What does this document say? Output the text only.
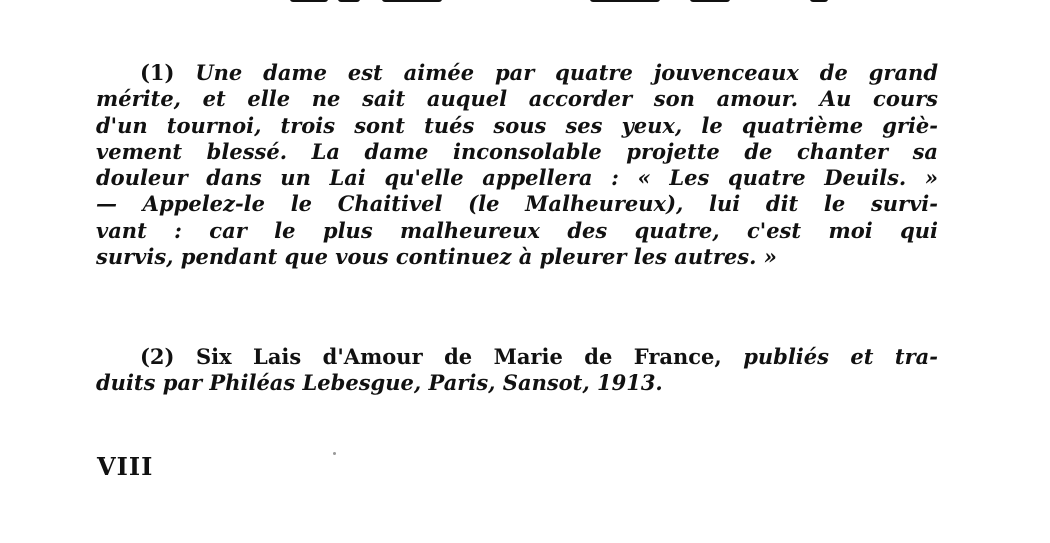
(1) Une dame est aimée par quatre jouvenceaux de grand
mérite, et elle ne sait auquel accorder son amour. Au cours
d'un tournoi, trois sont tués sous ses yeux, le quatrième griè-
vement blessé. La dame inconsolable projette de chanter sa
douleur dans un Lai qu'elle appellera : « Les quatre Deuils. »
— Appelez-le le Chaitivel (le Malheureux), lui dit le survi-
vant : car le plus malheureux des quatre, c'est moi qui
survis, pendant que vous continuez à pleurer les autres. »
(2) Six Lais d'Amour de Marie de France, publiés et tra-
duits par Philéas Lebesgue, Paris, Sansot, 1913.

VIII
